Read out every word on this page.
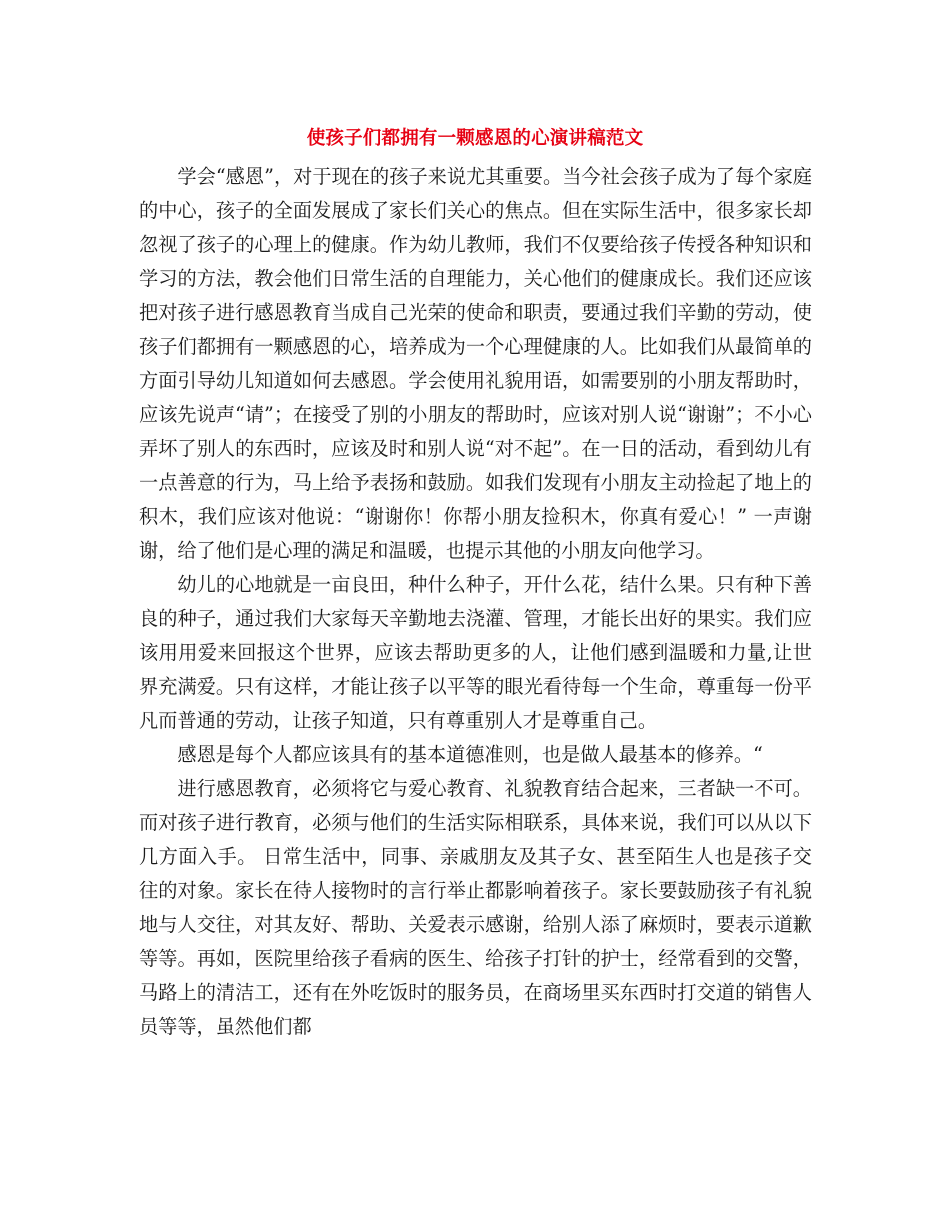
使孩子们都拥有一颗感恩的心演讲稿范文

学会“感恩”，对于现在的孩子来说尤其重要。当今社会孩子成为了每个家庭的中心，孩子的全面发展成了家长们关心的焦点。但在实际生活中，很多家长却忽视了孩子的心理上的健康。作为幼儿教师，我们不仅要给孩子传授各种知识和学习的方法，教会他们日常生活的自理能力，关心他们的健康成长。我们还应该把对孩子进行感恩教育当成自己光荣的使命和职责，要通过我们辛勤的劳动，使孩子们都拥有一颗感恩的心，培养成为一个心理健康的人。比如我们从最简单的方面引导幼儿知道如何去感恩。学会使用礼貌用语，如需要别的小朋友帮助时，应该先说声“请”；在接受了别的小朋友的帮助时，应该对别人说“谢谢”；不小心弄坏了别人的东西时，应该及时和别人说“对不起”。在一日的活动，看到幼儿有一点善意的行为，马上给予表扬和鼓励。如我们发现有小朋友主动捡起了地上的积木，我们应该对他说：“谢谢你！你帮小朋友捡积木，你真有爱心！” 一声谢谢，给了他们是心理的满足和温暖，也提示其他的小朋友向他学习。

幼儿的心地就是一亩良田，种什么种子，开什么花，结什么果。只有种下善良的种子，通过我们大家每天辛勤地去浇灌、管理，才能长出好的果实。我们应该用用爱来回报这个世界，应该去帮助更多的人，让他们感到温暖和力量,让世界充满爱。只有这样，才能让孩子以平等的眼光看待每一个生命，尊重每一份平凡而普通的劳动，让孩子知道，只有尊重别人才是尊重自己。

感恩是每个人都应该具有的基本道德准则，也是做人最基本的修养。“

进行感恩教育，必须将它与爱心教育、礼貌教育结合起来，三者缺一不可。而对孩子进行教育，必须与他们的生活实际相联系，具体来说，我们可以从以下几方面入手。 日常生活中，同事、亲戚朋友及其子女、甚至陌生人也是孩子交往的对象。家长在待人接物时的言行举止都影响着孩子。家长要鼓励孩子有礼貌地与人交往，对其友好、帮助、关爱表示感谢，给别人添了麻烦时，要表示道歉等等。再如，医院里给孩子看病的医生、给孩子打针的护士，经常看到的交警，马路上的清洁工，还有在外吃饭时的服务员，在商场里买东西时打交道的销售人员等等，虽然他们都
